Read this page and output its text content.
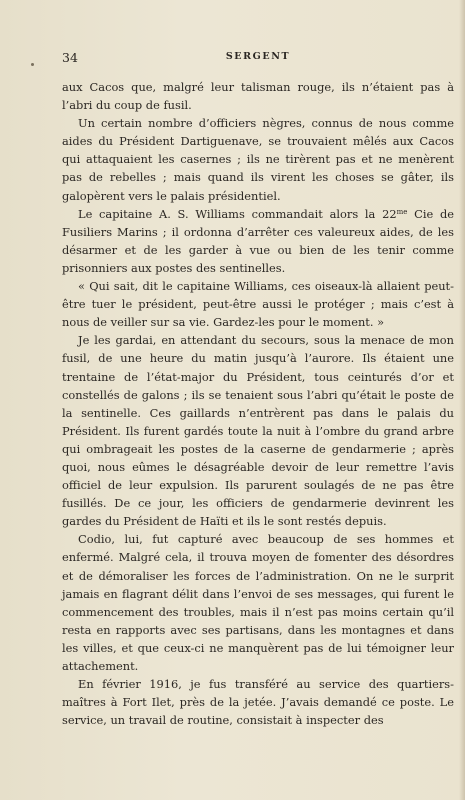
34	SERGENT

aux Cacos que, malgré leur talisman rouge, ils n’étaient pas à l’abri du coup de fusil.

Un certain nombre d’officiers nègres, connus de nous comme aides du Président Dartiguenave, se trouvaient mêlés aux Cacos qui attaquaient les casernes ; ils ne tirèrent pas et ne menèrent pas de rebelles ; mais quand ils virent les choses se gâter, ils galopèrent vers le palais présidentiel.

Le capitaine A. S. Williams commandait alors la $22^{me}$ Cie de Fusiliers Marins ; il ordonna d’arrêter ces valeureux aides, de les désarmer et de les garder à vue ou bien de les tenir comme prisonniers aux postes des sentinelles.

« Qui sait, dit le capitaine Williams, ces oiseaux-là allaient peut-être tuer le président, peut-être aussi le protéger ; mais c’est à nous de veiller sur sa vie. Gardez-les pour le moment. »

Je les gardai, en attendant du secours, sous la menace de mon fusil, de une heure du matin jusqu’à l’aurore. Ils étaient une trentaine de l’état-major du Président, tous ceinturés d’or et constellés de galons ; ils se tenaient sous l’abri qu’était le poste de la sentinelle. Ces gaillards n’entrèrent pas dans le palais du Président. Ils furent gardés toute la nuit à l’ombre du grand arbre qui ombrageait les postes de la caserne de gendarmerie ; après quoi, nous eûmes le désagréable devoir de leur remettre l’avis officiel de leur expulsion. Ils parurent soulagés de ne pas être fusillés. De ce jour, les officiers de gendarmerie devinrent les gardes du Président de Haïti et ils le sont restés depuis.

Codio, lui, fut capturé avec beaucoup de ses hommes et enfermé. Malgré cela, il trouva moyen de fomenter des désordres et de démoraliser les forces de l’administration. On ne le surprit jamais en flagrant délit dans l’envoi de ses messages, qui furent le commencement des troubles, mais il n’est pas moins certain qu’il resta en rapports avec ses partisans, dans les montagnes et dans les villes, et que ceux-ci ne manquèrent pas de lui témoigner leur attachement.

En février 1916, je fus transféré au service des quartiers-maîtres à Fort Ilet, près de la jetée. J’avais demandé ce poste. Le service, un travail de routine, consistait à inspecter des
